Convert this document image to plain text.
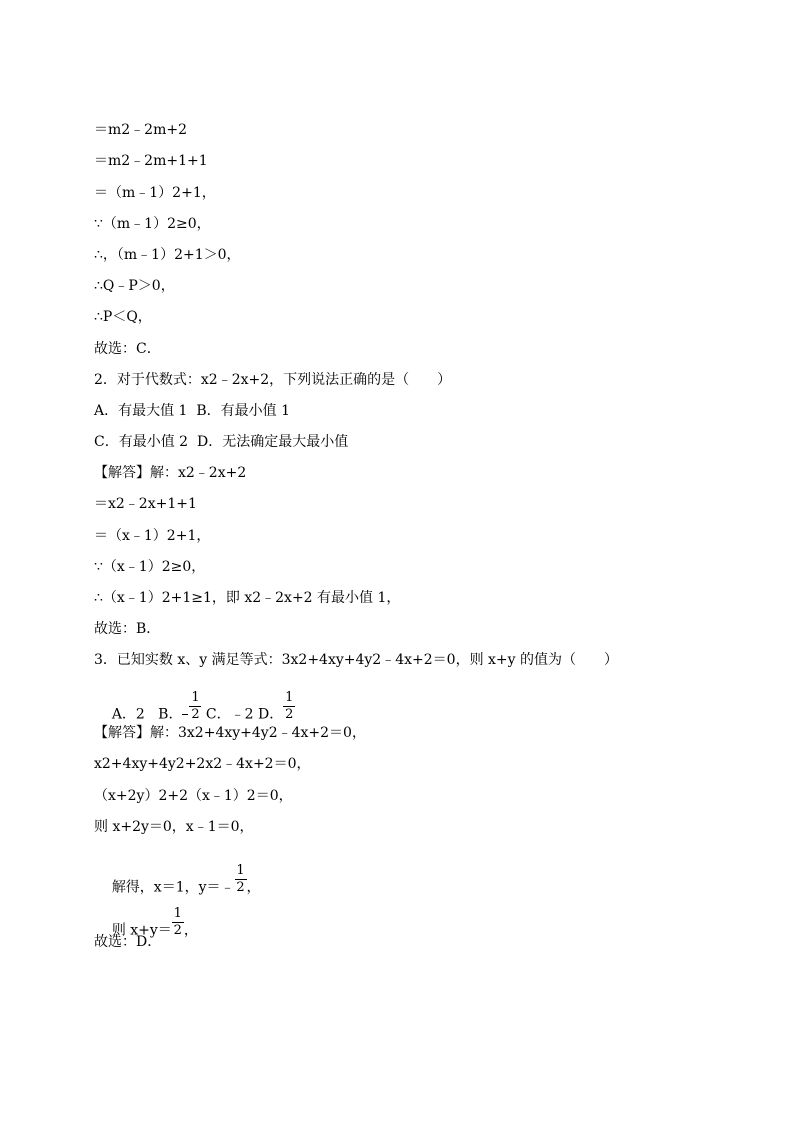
＝m2﹣2m+2
＝m2﹣2m+1+1
＝（m﹣1）2+1，
∵（m﹣1）2≥0，
∴，（m﹣1）2+1＞0，
∴Q﹣P＞0，
∴P＜Q，
故选：C．
2．对于代数式：x2﹣2x+2，下列说法正确的是（　　）
A．有最大值 1  B．有最小值 1
C．有最小值 2  D．无法确定最大最小值
【解答】解：x2﹣2x+2
＝x2﹣2x+1+1
＝（x﹣1）2+1，
∵（x﹣1）2≥0，
∴（x﹣1）2+1≥1，即 x2﹣2x+2 有最小值 1，
故选：B．
3．已知实数 x、y 满足等式：3x2+4xy+4y2﹣4x+2＝0，则 x+y 的值为（　　）

A．2   B． $\frac{1}{2}$ C．﹣2 D． $\frac{1}{2}$

【解答】解：3x2+4xy+4y2﹣4x+2＝0，
x2+4xy+4y2+2x2﹣4x+2＝0，
（x+2y）2+2（x﹣1）2＝0，
则 x+2y＝0，x﹣1＝0，

解得，x＝1，y＝﹣ $\frac{1}{2}$ ，

则 $x+y= \frac{1}{2}$ ，

故选：D．
